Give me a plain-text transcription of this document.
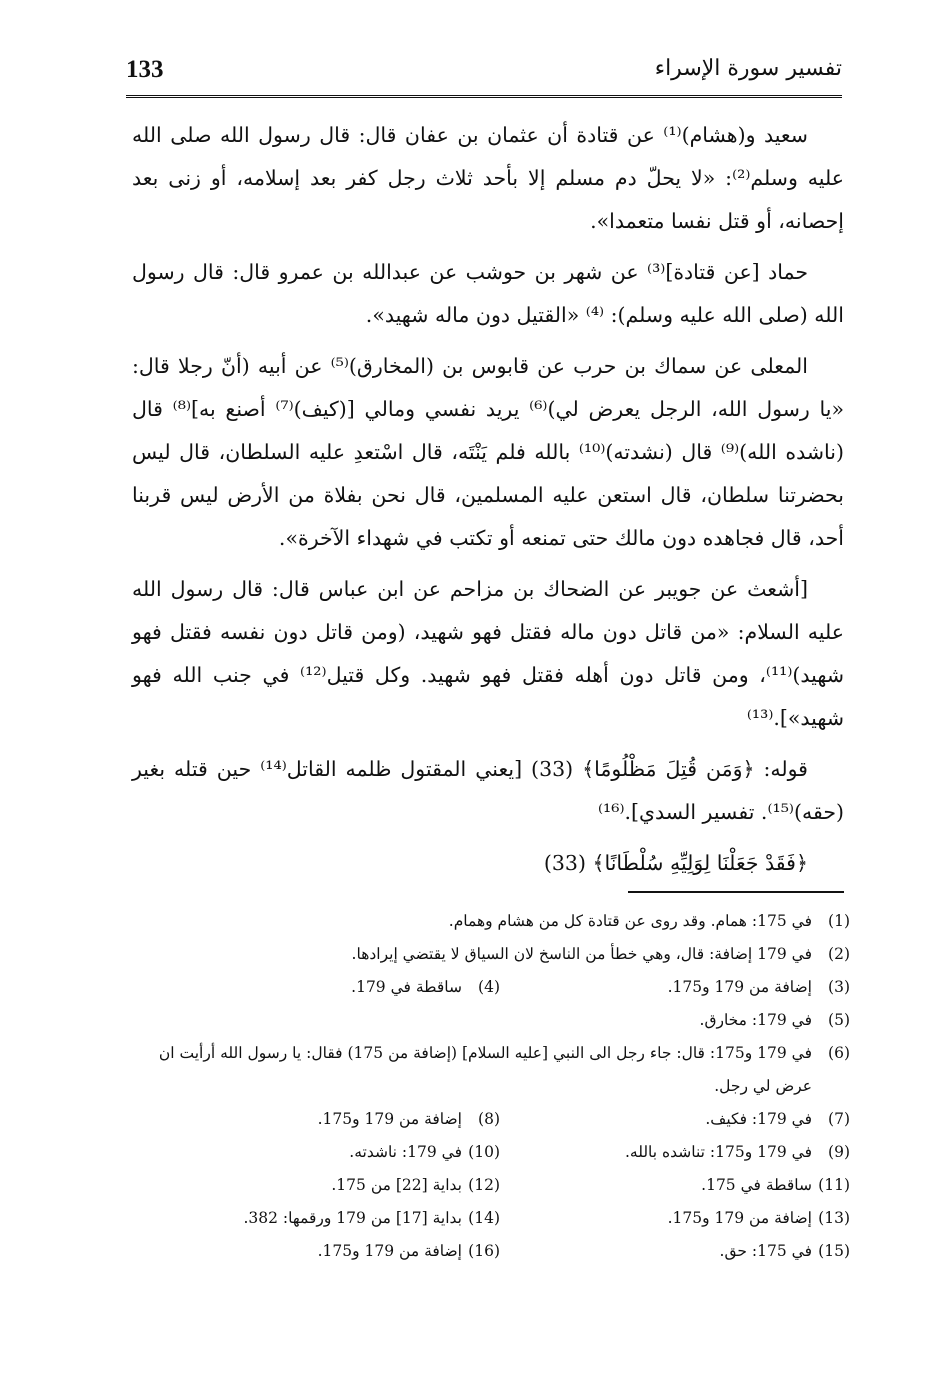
133	تفسير سورة الإسراء

سعيد و(هشام)⁽¹⁾ عن قتادة أن عثمان بن عفان قال: قال رسول الله صلى الله عليه وسلم⁽²⁾: «لا يحلّ دم مسلم إلا بأحد ثلاث رجل كفر بعد إسلامه، أو زنى بعد إحصانه، أو قتل نفسا متعمدا».

حماد [عن قتادة]⁽³⁾ عن شهر بن حوشب عن عبدالله بن عمرو قال: قال رسول الله (صلى الله عليه وسلم): ⁽⁴⁾ «القتيل دون ماله شهيد».

المعلى عن سماك بن حرب عن قابوس بن (المخارق)⁽⁵⁾ عن أبيه (أنّ رجلا قال: «يا رسول الله، الرجل يعرض لي)⁽⁶⁾ يريد نفسي ومالي [(كيف)⁽⁷⁾ أصنع به]⁽⁸⁾ قال (ناشده الله)⁽⁹⁾ قال (نشدته)⁽¹⁰⁾ بالله فلم يَنْتَه، قال اسْتعدِ عليه السلطان، قال ليس بحضرتنا سلطان، قال استعن عليه المسلمين، قال نحن بفلاة من الأرض ليس قربنا أحد، قال فجاهده دون مالك حتى تمنعه أو تكتب في شهداء الآخرة».

[أشعث عن جويبر عن الضحاك بن مزاحم عن ابن عباس قال: قال رسول الله عليه السلام: «من قاتل دون ماله فقتل فهو شهيد، (ومن قاتل دون نفسه فقتل فهو شهيد)⁽¹¹⁾، ومن قاتل دون أهله فقتل فهو شهيد. وكل قتيل⁽¹²⁾ في جنب الله فهو شهيد»].⁽¹³⁾

قوله: ﴿وَمَن قُتِلَ مَظْلُومًا﴾ (33) [يعني المقتول ظلمه القاتل⁽¹⁴⁾ حين قتله بغير (حقه)⁽¹⁵⁾. تفسير السدي].⁽¹⁶⁾

﴿فَقَدْ جَعَلْنَا لِوَلِيِّهِ سُلْطَانًا﴾ (33)

(1)
في 175: همام. وقد روى عن قتادة كل من هشام وهمام.
(2)
في 179 إضافة: قال، وهي خطأ من الناسخ لان السياق لا يقتضي إيرادها.
(3)
إضافة من 179 و175.
(4)
ساقطة في 179.
(5)
في 179: مخارق.
(6)
في 179 و175: قال: جاء رجل الى النبي [عليه السلام] (إضافة من 175) فقال: يا رسول الله أرأيت ان عرض لي رجل.
(7)
في 179: فكيف.
(8)
إضافة من 179 و175.
(9)
في 179 و175: تناشده بالله.
(10)
في 179: ناشدته.
(11)
ساقطة في 175.
(12)
بداية [22] من 175.
(13)
إضافة من 179 و175.
(14)
بداية [17] من 179 ورقمها: 382.
(15)
في 175: حق.
(16)
إضافة من 179 و175.
